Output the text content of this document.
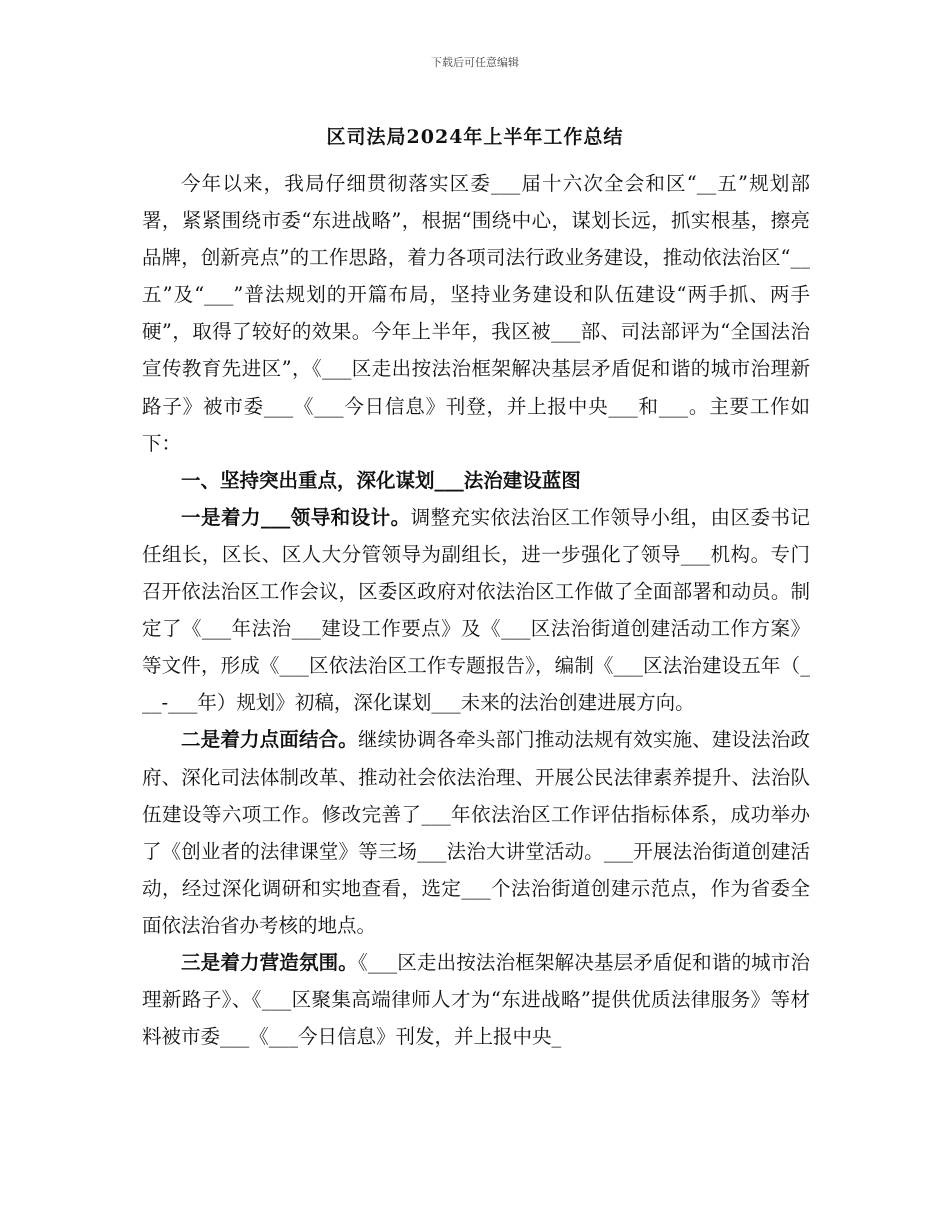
下载后可任意编辑
区司法局2024年上半年工作总结

今年以来，我局仔细贯彻落实区委___届十六次全会和区“__五”规划部署，紧紧围绕市委“东进战略”，根据“围绕中心，谋划长远，抓实根基，擦亮品牌，创新亮点”的工作思路，着力各项司法行政业务建设，推动依法治区“__五”及“___”普法规划的开篇布局，坚持业务建设和队伍建设“两手抓、两手硬”，取得了较好的效果。今年上半年，我区被___部、司法部评为“全国法治宣传教育先进区”，《___区走出按法治框架解决基层矛盾促和谐的城市治理新路子》被市委___《___今日信息》刊登，并上报中央___和___。主要工作如下：

一、坚持突出重点，深化谋划___法治建设蓝图

一是着力___领导和设计。调整充实依法治区工作领导小组，由区委书记任组长，区长、区人大分管领导为副组长，进一步强化了领导___机构。专门召开依法治区工作会议，区委区政府对依法治区工作做了全面部署和动员。制定了《___年法治___建设工作要点》及《___区法治街道创建活动工作方案》等文件，形成《___区依法治区工作专题报告》，编制《___区法治建设五年（___-___年）规划》初稿，深化谋划___未来的法治创建进展方向。

二是着力点面结合。继续协调各牵头部门推动法规有效实施、建设法治政府、深化司法体制改革、推动社会依法治理、开展公民法律素养提升、法治队伍建设等六项工作。修改完善了___年依法治区工作评估指标体系，成功举办了《创业者的法律课堂》等三场___法治大讲堂活动。___开展法治街道创建活动，经过深化调研和实地查看，选定___个法治街道创建示范点，作为省委全面依法治省办考核的地点。

三是着力营造氛围。《___区走出按法治框架解决基层矛盾促和谐的城市治理新路子》、《___区聚集高端律师人才为“东进战略”提供优质法律服务》等材料被市委___《___今日信息》刊发，并上报中央_
